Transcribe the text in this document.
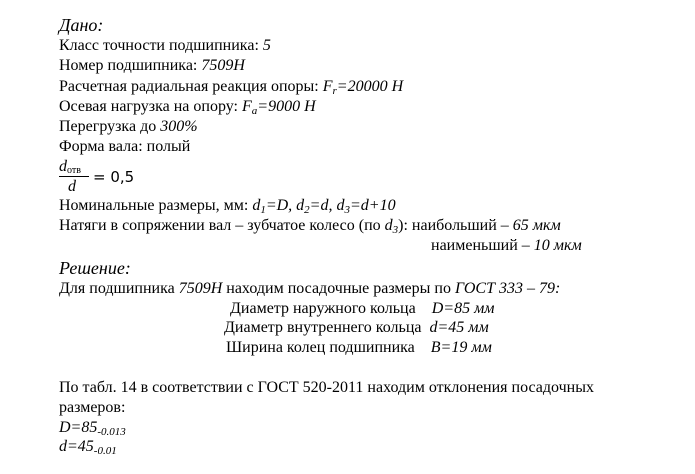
Дано:
Класс точности подшипника: 5
Номер подшипника: 7509Н
Расчетная радиальная реакция опоры: $F_r=20000$ Н
Осевая нагрузка на опору: $F_a=9000$ Н
Перегрузка до 300%
Форма вала: полый
$d_{отв}$
d
= 0,5
Номинальные размеры, мм: $d_1=D$, $d_2=d$, $d_3=d+10$
Натяги в сопряжении вал – зубчатое колесо (по $d_3$): наибольший – 65 мкм
наименьший – 10 мкм
Решение:
Для подшипника 7509Н находим посадочные размеры по ГОСТ 333 – 79:
Диаметр наружного кольца D=85 мм
Диаметр внутреннего кольца d=45 мм
Ширина колец подшипника B=19 мм
По табл. 14 в соответствии с ГОСТ 520-2011 находим отклонения посадочных
размеров:
$D=85_{-0.013}$
$d=45_{-0.01}$
